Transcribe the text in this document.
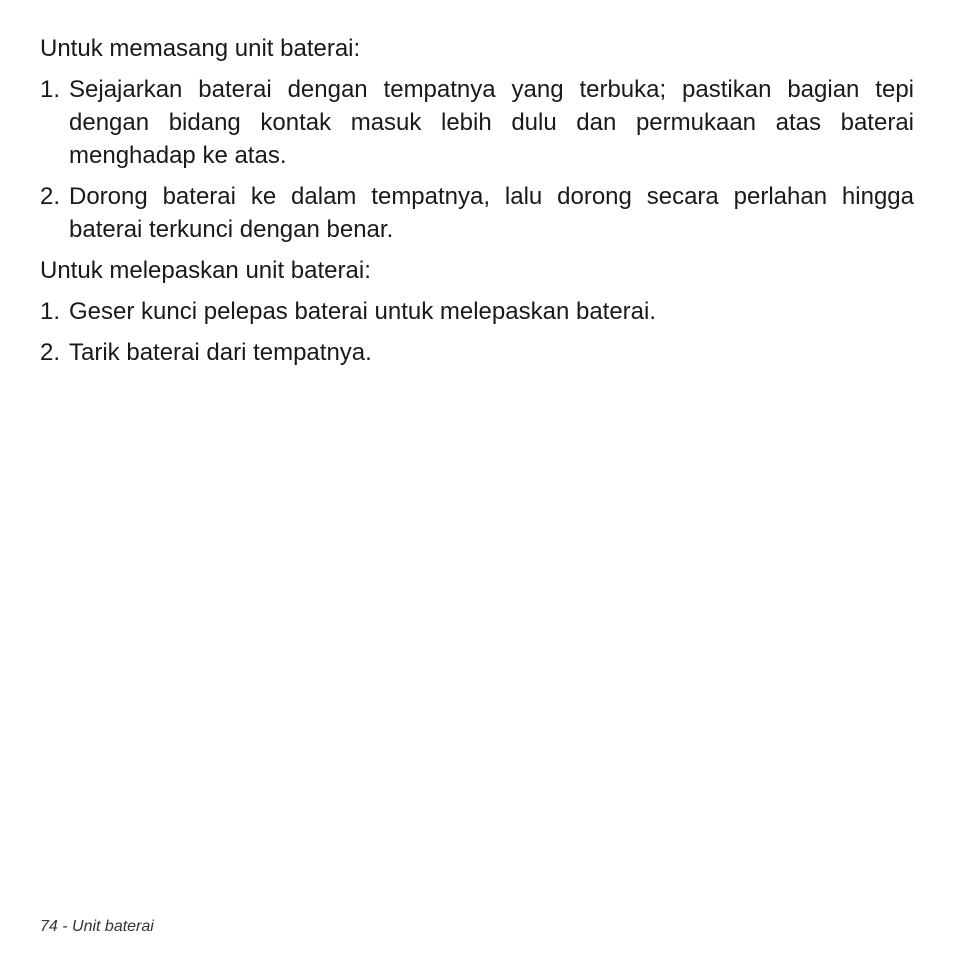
Untuk memasang unit baterai:

1. Sejajarkan baterai dengan tempatnya yang terbuka; pastikan bagian tepi dengan bidang kontak masuk lebih dulu dan permukaan atas baterai menghadap ke atas.
2. Dorong baterai ke dalam tempatnya, lalu dorong secara perlahan hingga baterai terkunci dengan benar.

Untuk melepaskan unit baterai:

1. Geser kunci pelepas baterai untuk melepaskan baterai.
2. Tarik baterai dari tempatnya.
74 - Unit baterai
